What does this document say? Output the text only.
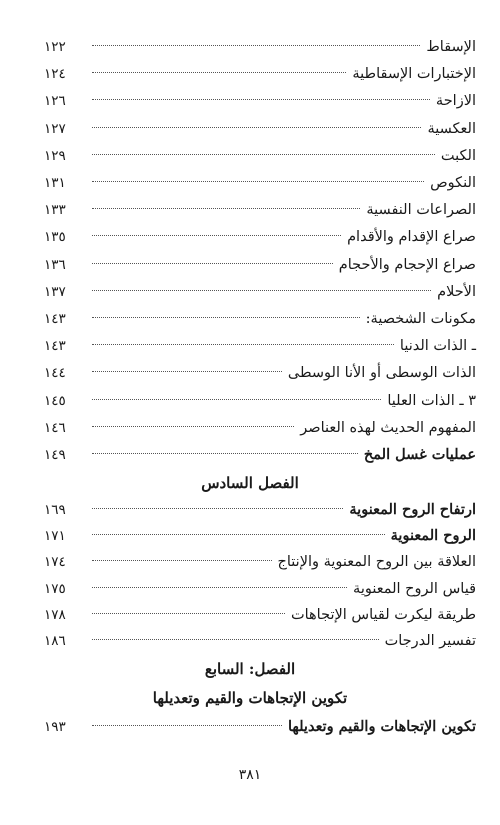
الإسقاط
١٢٢
الإختبارات الإسقاطية
١٢٤
الازاحة
١٢٦
العكسية
١٢٧
الكبت
١٢٩
النكوص
١٣١
الصراعات النفسية
١٣٣
صراع الإقدام والأقدام
١٣٥
صراع الإحجام والأحجام
١٣٦
الأحلام
١٣٧
مكونات الشخصية:
١٤٣
ـ الذات الدنيا
١٤٣
الذات الوسطى أو الأنا الوسطى
١٤٤
٣ ـ الذات العليا
١٤٥
المفهوم الحديث لهذه العناصر
١٤٦
عمليات غسل المخ
١٤٩
الفصل السادس
ارتفاح الروح المعنوية
١٦٩
الروح المعنوية
١٧١
العلاقة بين الروح المعنوية والإنتاج
١٧٤
قياس الروح المعنوية
١٧٥
طريقة ليكرت لقياس الإتجاهات
١٧٨
تفسير الدرجات
١٨٦
الفصل: السابع
تكوين الإتجاهات والقيم وتعديلها
تكوين الإتجاهات والقيم وتعديلها
١٩٣
٣٨١
